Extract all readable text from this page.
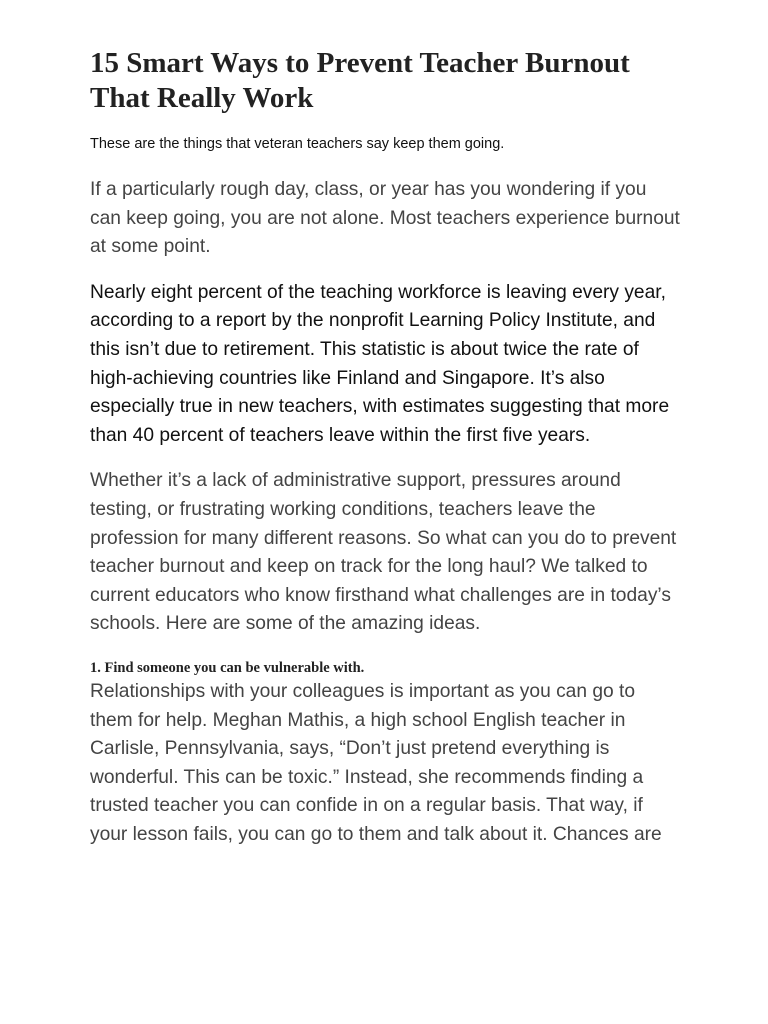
15 Smart Ways to Prevent Teacher Burnout That Really Work

These are the things that veteran teachers say keep them going.

If a particularly rough day, class, or year has you wondering if you can keep going, you are not alone. Most teachers experience burnout at some point.

Nearly eight percent of the teaching workforce is leaving every year, according to a report by the nonprofit Learning Policy Institute, and this isn’t due to retirement. This statistic is about twice the rate of high-achieving countries like Finland and Singapore. It’s also especially true in new teachers, with estimates suggesting that more than 40 percent of teachers leave within the first five years.

Whether it’s a lack of administrative support, pressures around testing, or frustrating working conditions, teachers leave the profession for many different reasons. So what can you do to prevent teacher burnout and keep on track for the long haul? We talked to current educators who know firsthand what challenges are in today’s schools. Here are some of the amazing ideas.

1. Find someone you can be vulnerable with.

Relationships with your colleagues is important as you can go to them for help. Meghan Mathis, a high school English teacher in Carlisle, Pennsylvania, says, “Don’t just pretend everything is wonderful. This can be toxic.” Instead, she recommends finding a trusted teacher you can confide in on a regular basis. That way, if your lesson fails, you can go to them and talk about it. Chances are
